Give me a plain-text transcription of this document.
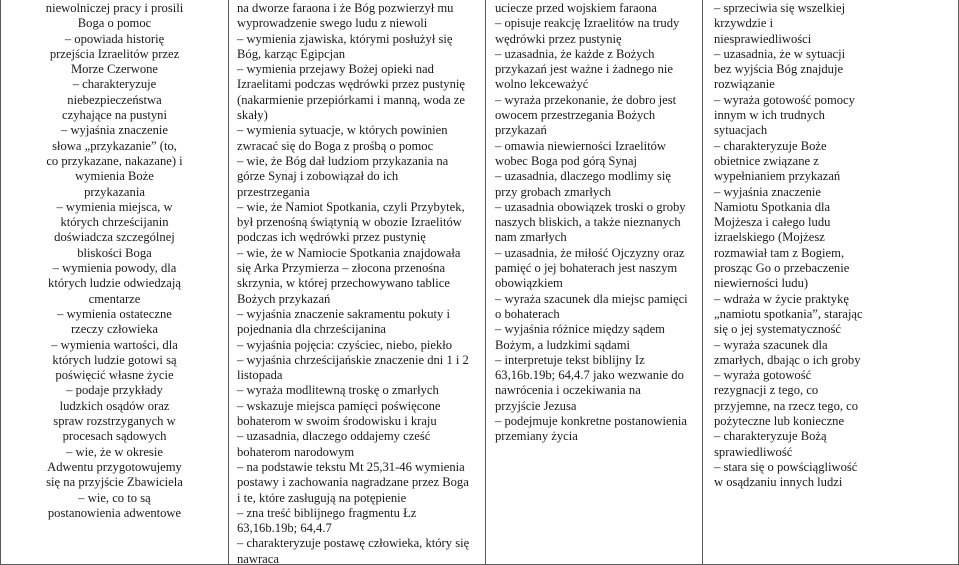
niewolniczej pracy i prosili
Boga o pomoc
– opowiada historię
przejścia Izraelitów przez
Morze Czerwone
– charakteryzuje
niebezpieczeństwa
czyhające na pustyni
– wyjaśnia znaczenie
słowa „przykazanie” (to,
co przykazane, nakazane) i
wymienia Boże
przykazania
– wymienia miejsca, w
których chrześcijanin
doświadcza szczególnej
bliskości Boga
– wymienia powody, dla
których ludzie odwiedzają
cmentarze
– wymienia ostateczne
rzeczy człowieka
– wymienia wartości, dla
których ludzie gotowi są
poświęcić własne życie
– podaje przykłady
ludzkich osądów oraz
spraw rozstrzyganych w
procesach sądowych
– wie, że w okresie
Adwentu przygotowujemy
się na przyjście Zbawiciela
– wie, co to są
postanowienia adwentowe
na dworze faraona i że Bóg pozwierzył mu
wyprowadzenie swego ludu z niewoli
– wymienia zjawiska, którymi posłużył się
Bóg, karząc Egipcjan
– wymienia przejawy Bożej opieki nad
Izraelitami podczas wędrówki przez pustynię
(nakarmienie przepiórkami i manną, woda ze
skały)
– wymienia sytuacje, w których powinien
zwracać się do Boga z prośbą o pomoc
– wie, że Bóg dał ludziom przykazania na
górze Synaj i zobowiązał do ich
przestrzegania
– wie, że Namiot Spotkania, czyli Przybytek,
był przenośną świątynią w obozie Izraelitów
podczas ich wędrówki przez pustynię
– wie, że w Namiocie Spotkania znajdowała
się Arka Przymierza – złocona przenośna
skrzynia, w której przechowywano tablice
Bożych przykazań
– wyjaśnia znaczenie sakramentu pokuty i
pojednania dla chrześcijanina
– wyjaśnia pojęcia: czyściec, niebo, piekło
– wyjaśnia chrześcijańskie znaczenie dni 1 i 2
listopada
– wyraża modlitewną troskę o zmarłych
– wskazuje miejsca pamięci poświęcone
bohaterom w swoim środowisku i kraju
– uzasadnia, dlaczego oddajemy cześć
bohaterom narodowym
– na podstawie tekstu Mt 25,31-46 wymienia
postawy i zachowania nagradzane przez Boga
i te, które zasługują na potępienie
– zna treść biblijnego fragmentu Łz
63,16b.19b; 64,4.7
– charakteryzuje postawę człowieka, który się
nawraca
uciecze przed wojskiem faraona
– opisuje reakcję Izraelitów na trudy
wędrówki przez pustynię
– uzasadnia, że każde z Bożych
przykazań jest ważne i żadnego nie
wolno lekceważyć
– wyraża przekonanie, że dobro jest
owocem przestrzegania Bożych
przykazań
– omawia niewierności Izraelitów
wobec Boga pod górą Synaj
– uzasadnia, dlaczego modlimy się
przy grobach zmarłych
– uzasadnia obowiązek troski o groby
naszych bliskich, a także nieznanych
nam zmarłych
– uzasadnia, że miłość Ojczyzny oraz
pamięć o jej bohaterach jest naszym
obowiązkiem
– wyraża szacunek dla miejsc pamięci
o bohaterach
– wyjaśnia różnice między sądem
Bożym, a ludzkimi sądami
– interpretuje tekst biblijny Iz
63,16b.19b; 64,4.7 jako wezwanie do
nawrócenia i oczekiwania na
przyjście Jezusa
– podejmuje konkretne postanowienia
przemiany życia
– sprzeciwia się wszelkiej
krzywdzie i
niesprawiedliwości
– uzasadnia, że w sytuacji
bez wyjścia Bóg znajduje
rozwiązanie
– wyraża gotowość pomocy
innym w ich trudnych
sytuacjach
– charakteryzuje Boże
obietnice związane z
wypełnianiem przykazań
– wyjaśnia znaczenie
Namiotu Spotkania dla
Mojżesza i całego ludu
izraelskiego (Mojżesz
rozmawiał tam z Bogiem,
prosząc Go o przebaczenie
niewierności ludu)
– wdraża w życie praktykę
„namiotu spotkania”, starając
się o jej systematyczność
– wyraża szacunek dla
zmarłych, dbając o ich groby
– wyraża gotowość
rezygnacji z tego, co
przyjemne, na rzecz tego, co
pożyteczne lub konieczne
– charakteryzuje Bożą
sprawiedliwość
– stara się o powściągliwość
w osądzaniu innych ludzi
